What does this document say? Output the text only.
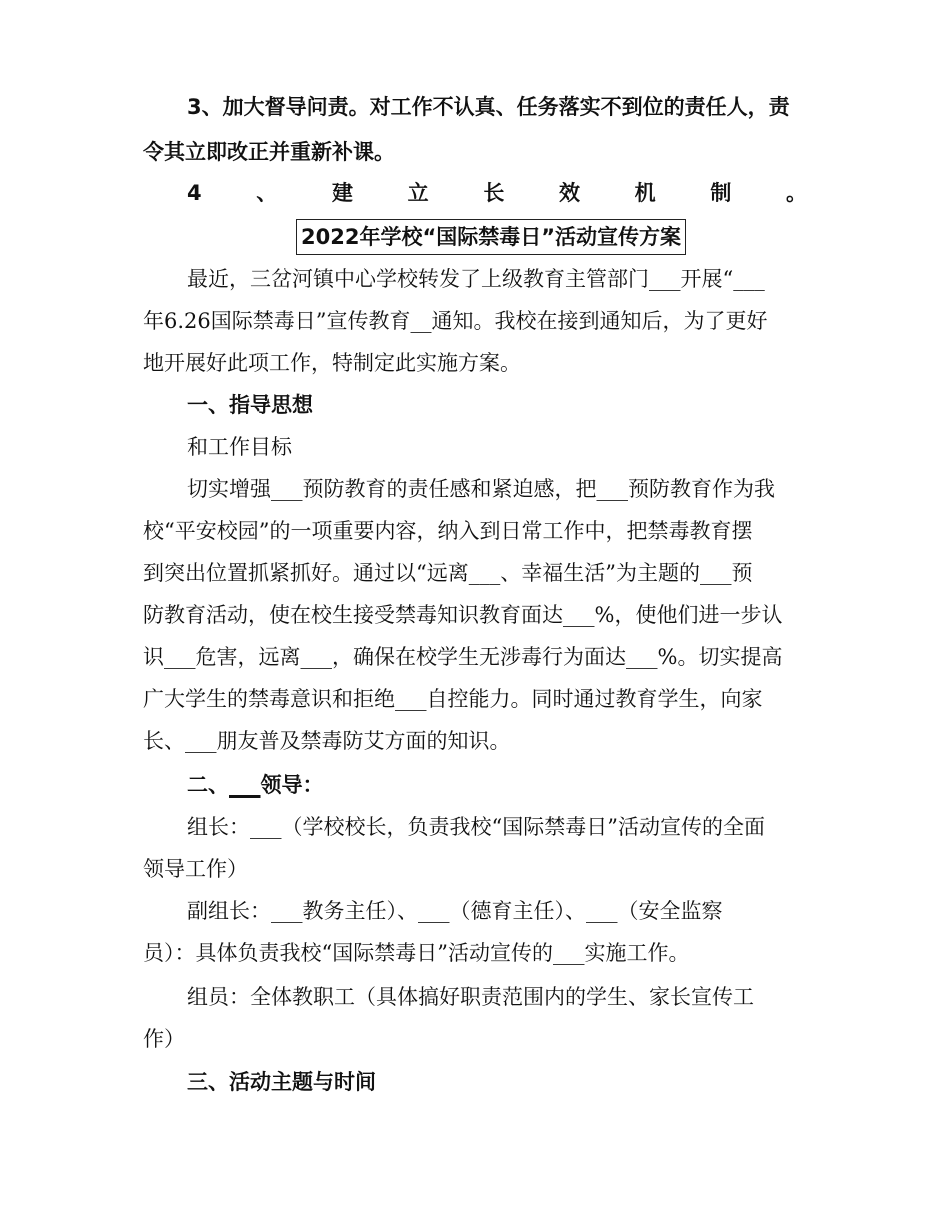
3、加大督导问责。对工作不认真、任务落实不到位的责任人，责
令其立即改正并重新补课。
4	、	建	立	长	效	机	制	。
2022年学校“国际禁毒日”活动宣传方案
最近，三岔河镇中心学校转发了上级教育主管部门___开展“___
年6.26国际禁毒日”宣传教育__通知。我校在接到通知后，为了更好
地开展好此项工作，特制定此实施方案。
一、指导思想
和工作目标
切实增强___预防教育的责任感和紧迫感，把___预防教育作为我
校“平安校园”的一项重要内容，纳入到日常工作中，把禁毒教育摆
到突出位置抓紧抓好。通过以“远离___、幸福生活”为主题的___预
防教育活动，使在校生接受禁毒知识教育面达___%，使他们进一步认
识___危害，远离___，确保在校学生无涉毒行为面达___%。切实提高
广大学生的禁毒意识和拒绝___自控能力。同时通过教育学生，向家
长、___朋友普及禁毒防艾方面的知识。
二、___领导：
组长：___（学校校长，负责我校“国际禁毒日”活动宣传的全面
领导工作）
副组长：___教务主任）、___（德育主任）、___（安全监察
员）：具体负责我校“国际禁毒日”活动宣传的___实施工作。
组员：全体教职工（具体搞好职责范围内的学生、家长宣传工
作）
三、活动主题与时间
